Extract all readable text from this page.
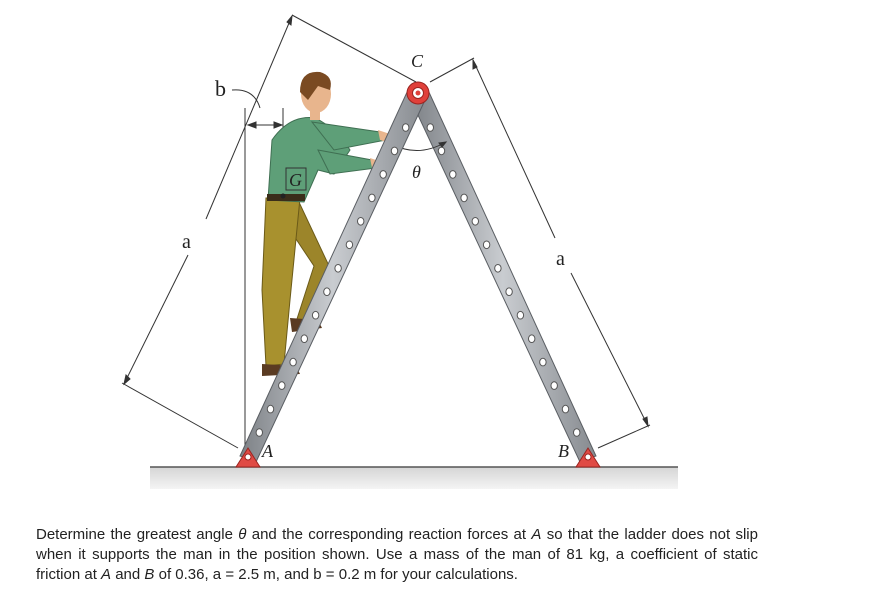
a
a
b
C
θ
G
A	B

Determine the greatest angle θ and the corresponding reaction forces at A so that the ladder does not slip when it supports the man in the position shown. Use a mass of the man of 81 kg, a coefficient of static friction at A and B of 0.36, a = 2.5 m, and b = 0.2 m for your calculations.
